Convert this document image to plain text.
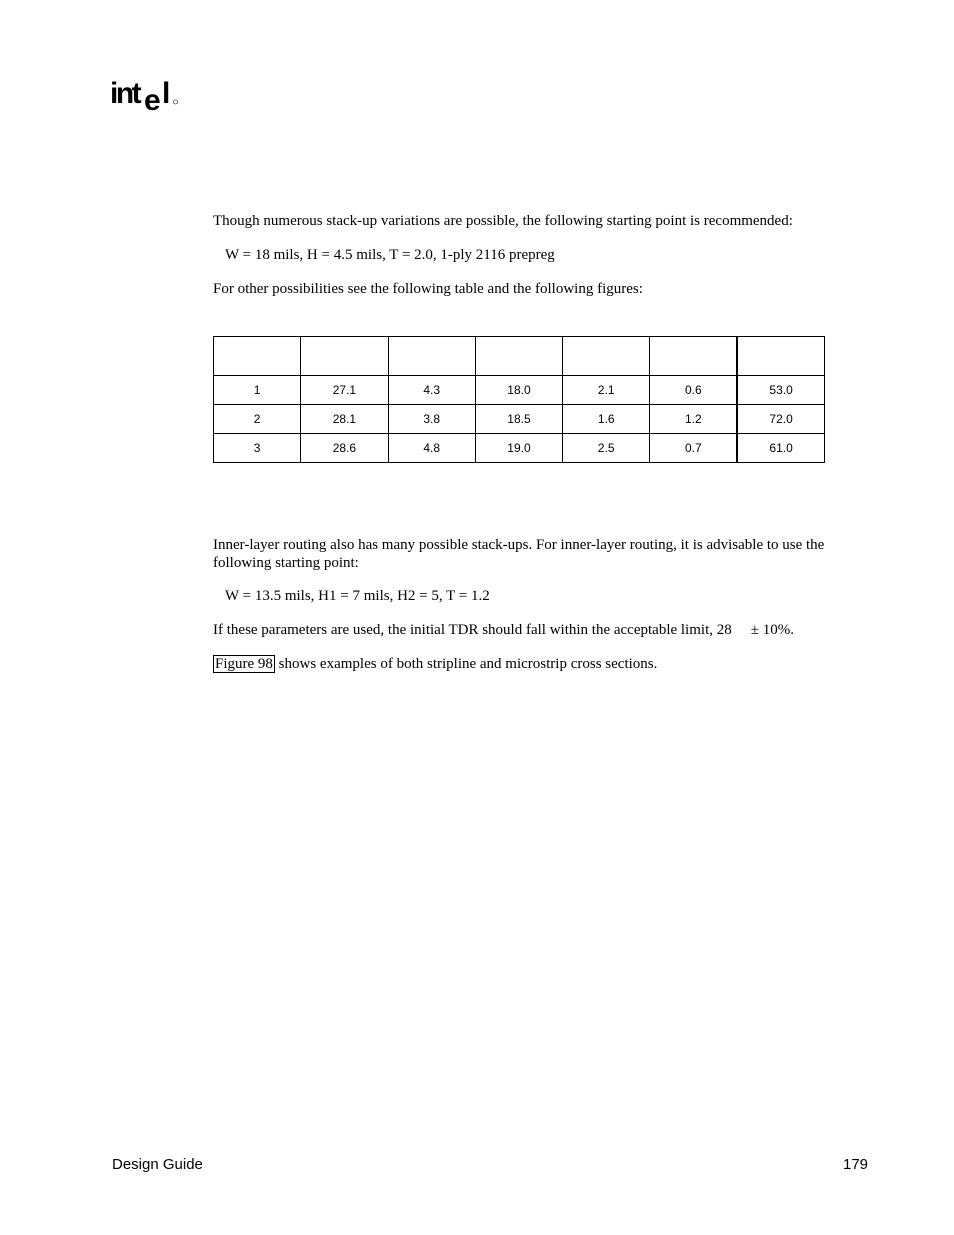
int e l

Though numerous stack-up variations are possible, the following starting point is recommended:

W = 18 mils, H = 4.5 mils, T = 2.0, 1-ply 2116 prepreg

For other possibilities see the following table and the following figures:

1	27.1	4.3	18.0	2.1	0.6	53.0
2	28.1	3.8	18.5	1.6	1.2	72.0
3	28.6	4.8	19.0	2.5	0.7	61.0

Inner-layer routing also has many possible stack-ups. For inner-layer routing, it is advisable to use the following starting point:

W = 13.5 mils, H1 = 7 mils, H2 = 5, T = 1.2

If these parameters are used, the initial TDR should fall within the acceptable limit, 28 ± 10%.

Figure 98 shows examples of both stripline and microstrip cross sections.

Design Guide	179
